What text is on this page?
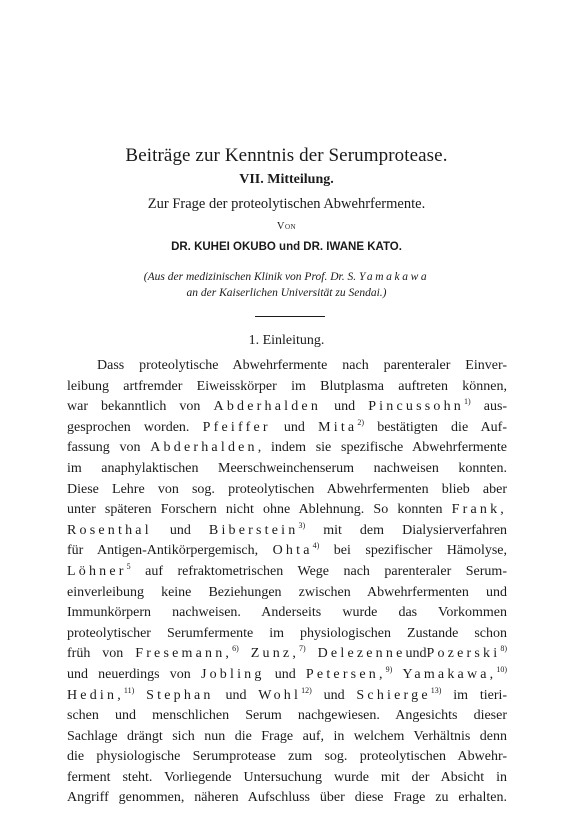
Beiträge zur Kenntnis der Serumprotease.
VII. Mitteilung.
Zur Frage der proteolytischen Abwehrfermente.
Von
DR. KUHEI OKUBO und DR. IWANE KATO.
(Aus der medizinischen Klinik von Prof. Dr. S. Yamakawa
an der Kaiserlichen Universität zu Sendai.)
1. Einleitung.
Dass proteolytische Abwehrfermente nach parenteraler Einver-
leibung artfremder Eiweisskörper im Blutplasma auftreten können,
war bekanntlich von Abderhalden und Pincussohn$^{1)}$ aus-
gesprochen worden. Pfeiffer und Mita$^{2)}$ bestätigten die Auf-
fassung von Abderhalden, indem sie spezifische Abwehrfermente
im anaphylaktischen Meerschweinchenserum nachweisen konnten.
Diese Lehre von sog. proteolytischen Abwehrfermenten blieb aber
unter späteren Forschern nicht ohne Ablehnung. So konnten Frank,
Rosenthal und Biberstein$^{3)}$ mit dem Dialysierverfahren
für Antigen-Antikörpergemisch, Ohta$^{4)}$ bei spezifischer Hämolyse,
Löhner$^5$ auf refraktometrischen Wege nach parenteraler Serum-
einverleibung keine Beziehungen zwischen Abwehrfermenten und
Immunkörpern nachweisen. Anderseits wurde das Vorkommen
proteolytischer Serumfermente im physiologischen Zustande schon
früh von Fresemann,$^{6)}$ Zunz,$^{7)}$ DelezenneundPozerski$^{8)}$
und neuerdings von Jobling und Petersen,$^{9)}$ Yamakawa,$^{10)}$
Hedin,$^{11)}$ Stephan und Wohl$^{12)}$ und Schierge$^{13)}$ im tieri-
schen und menschlichen Serum nachgewiesen. Angesichts dieser
Sachlage drängt sich nun die Frage auf, in welchem Verhältnis denn
die physiologische Serumprotease zum sog. proteolytischen Abwehr-
ferment steht. Vorliegende Untersuchung wurde mit der Absicht in
Angriff genommen, näheren Aufschluss über diese Frage zu erhalten.
